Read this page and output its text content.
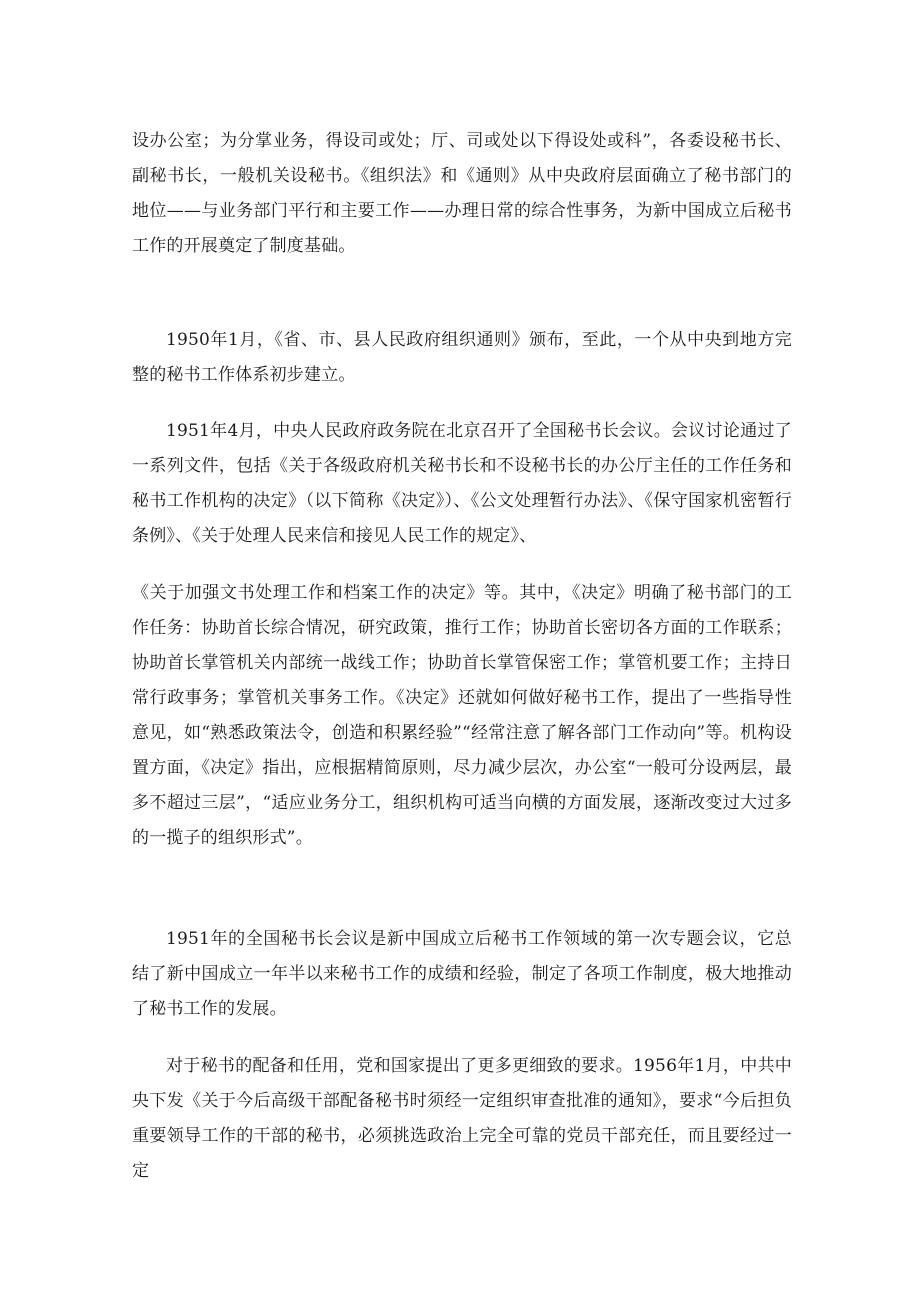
设办公室；为分掌业务，得设司或处；厅、司或处以下得设处或科”，各委设秘书长、副秘书长，一般机关设秘书。《组织法》和《通则》从中央政府层面确立了秘书部门的地位——与业务部门平行和主要工作——办理日常的综合性事务，为新中国成立后秘书工作的开展奠定了制度基础。

1950年1月，《省、市、县人民政府组织通则》颁布，至此，一个从中央到地方完整的秘书工作体系初步建立。

1951年4月，中央人民政府政务院在北京召开了全国秘书长会议。会议讨论通过了一系列文件，包括《关于各级政府机关秘书长和不设秘书长的办公厅主任的工作任务和秘书工作机构的决定》（以下简称《决定》）、《公文处理暂行办法》、《保守国家机密暂行条例》、《关于处理人民来信和接见人民工作的规定》、

《关于加强文书处理工作和档案工作的决定》等。其中，《决定》明确了秘书部门的工作任务：协助首长综合情况，研究政策，推行工作；协助首长密切各方面的工作联系；协助首长掌管机关内部统一战线工作；协助首长掌管保密工作；掌管机要工作；主持日常行政事务；掌管机关事务工作。《决定》还就如何做好秘书工作，提出了一些指导性意见，如“熟悉政策法令，创造和积累经验”“经常注意了解各部门工作动向”等。机构设置方面，《决定》指出，应根据精简原则，尽力减少层次，办公室“一般可分设两层，最多不超过三层”，“适应业务分工，组织机构可适当向横的方面发展，逐渐改变过大过多的一揽子的组织形式”。

1951年的全国秘书长会议是新中国成立后秘书工作领域的第一次专题会议，它总结了新中国成立一年半以来秘书工作的成绩和经验，制定了各项工作制度，极大地推动了秘书工作的发展。

对于秘书的配备和任用，党和国家提出了更多更细致的要求。1956年1月，中共中央下发《关于今后高级干部配备秘书时须经一定组织审查批准的通知》，要求“今后担负重要领导工作的干部的秘书，必须挑选政治上完全可靠的党员干部充任，而且要经过一定
